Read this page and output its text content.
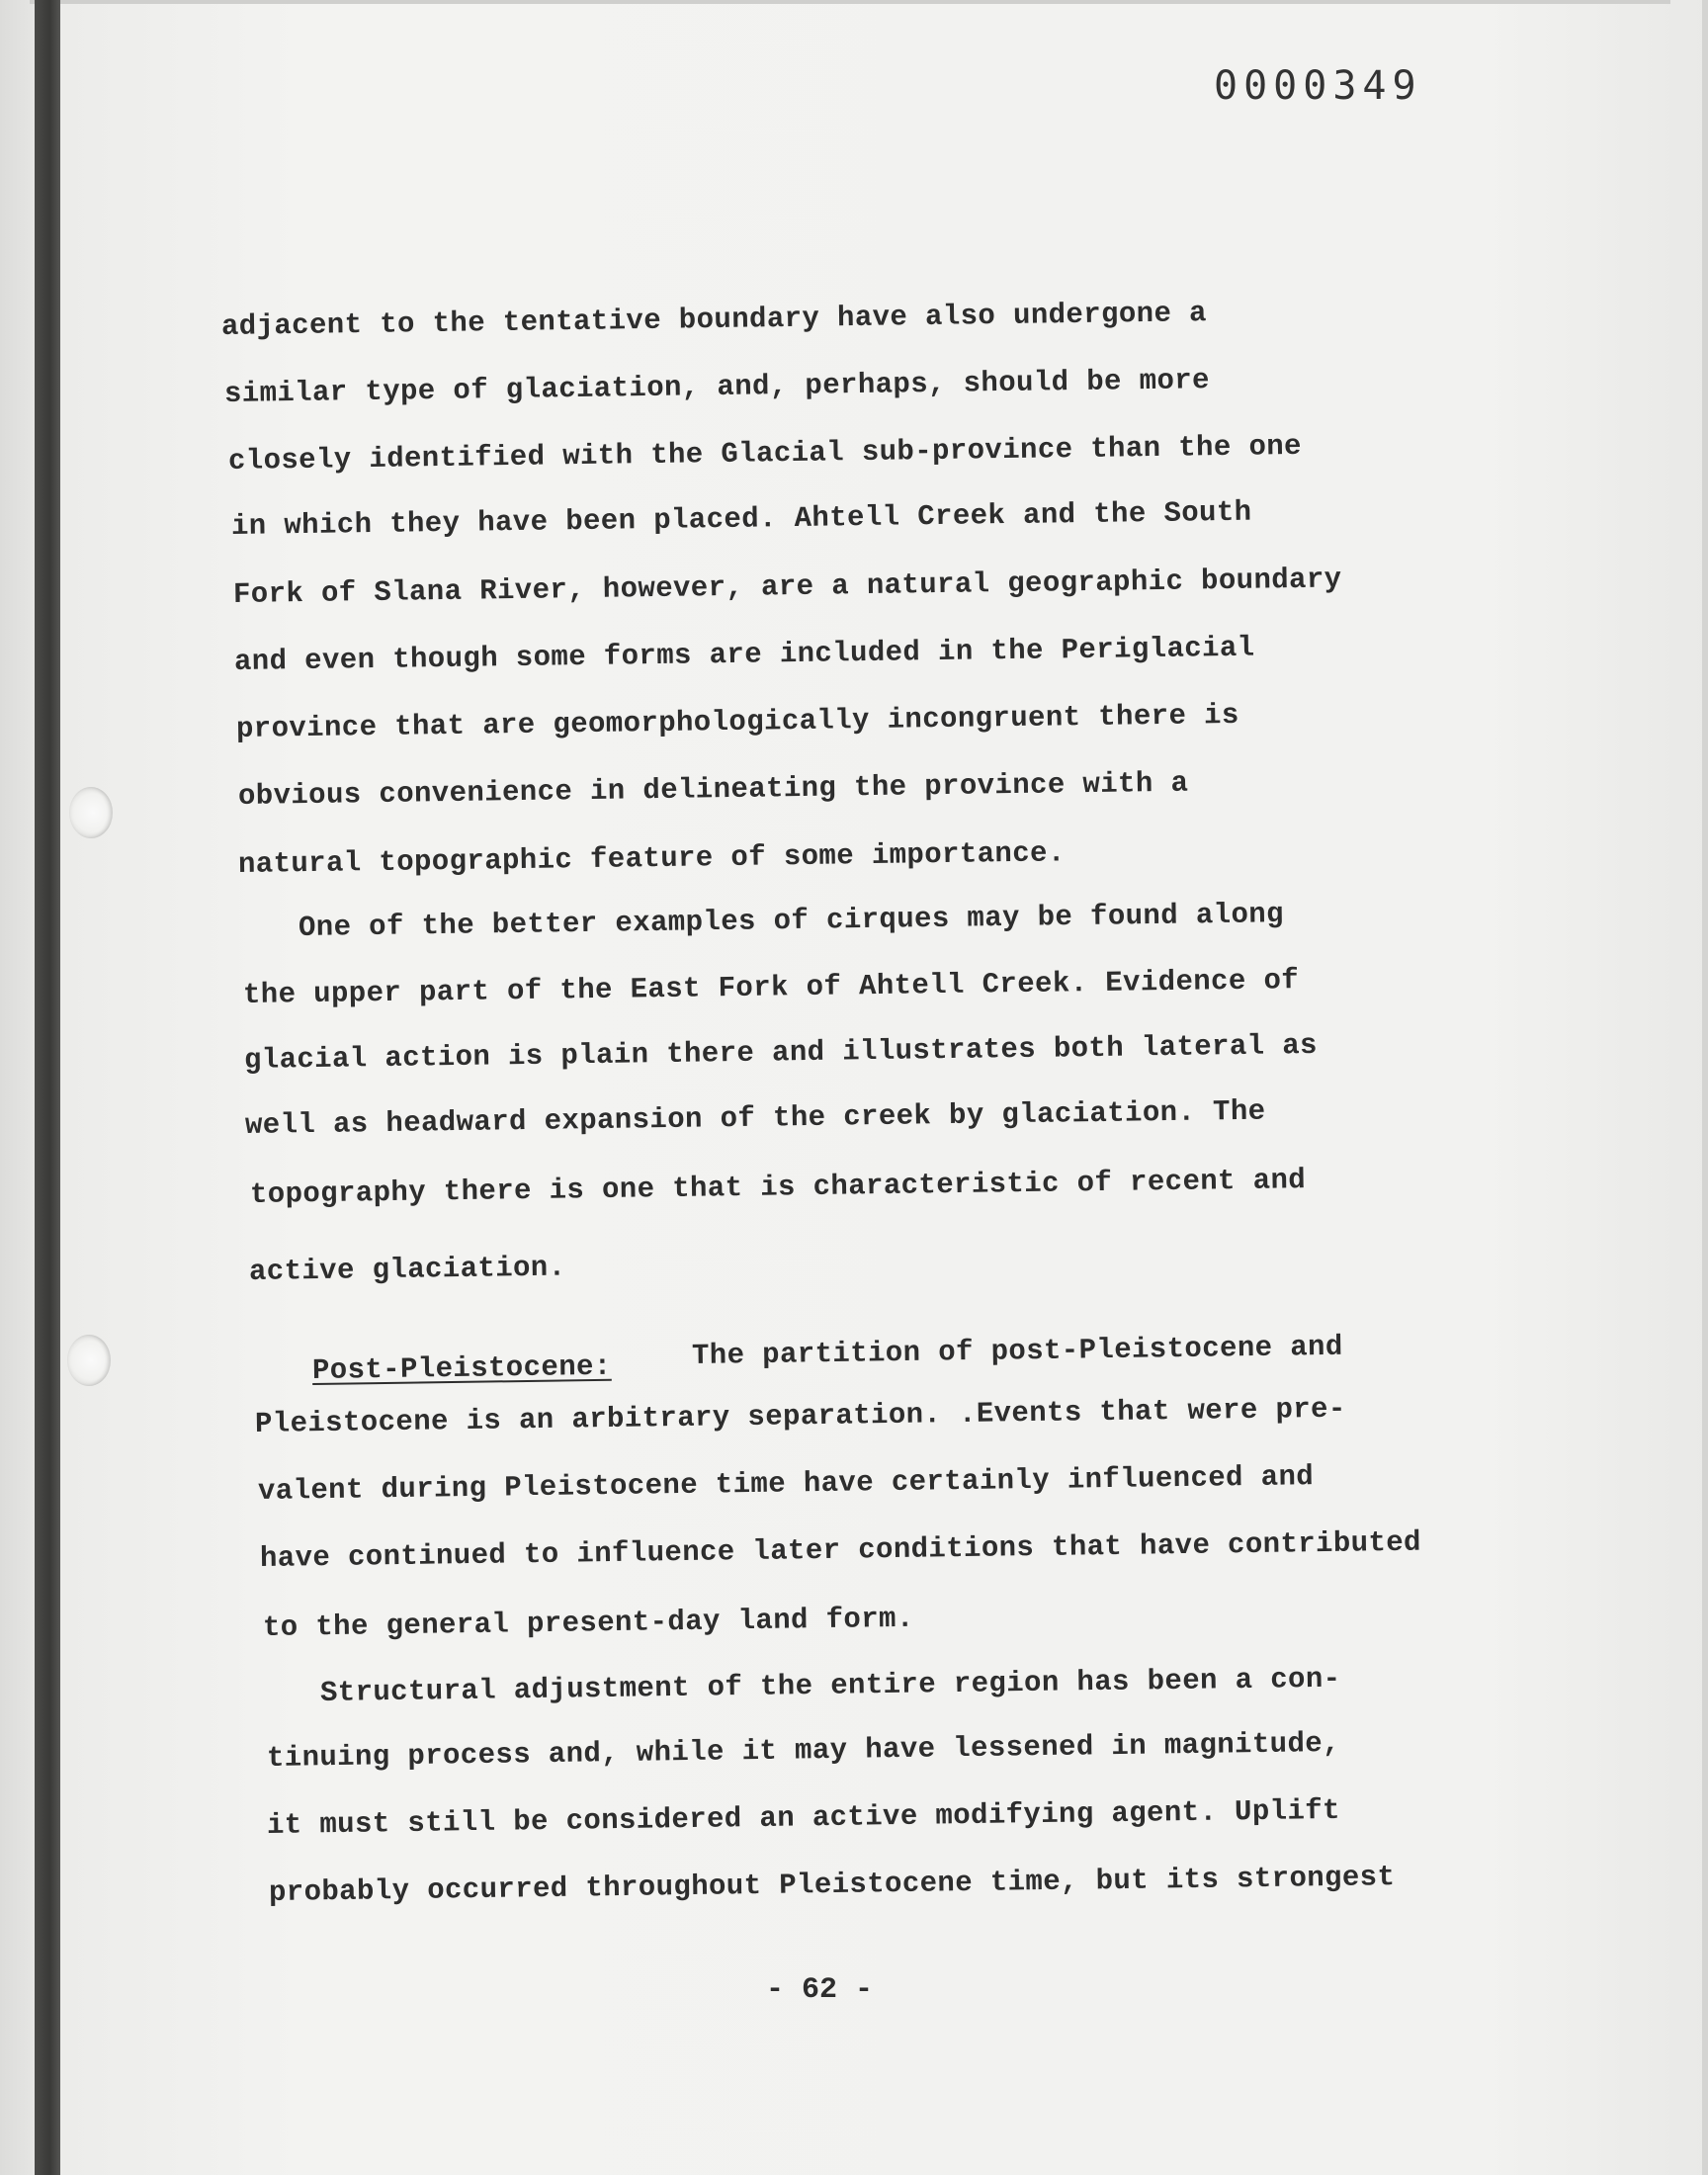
0000349
adjacent to the tentative boundary have also undergone a
similar type of glaciation, and, perhaps, should be more
closely identified with the Glacial sub-province than the one
in which they have been placed. Ahtell Creek and the South
Fork of Slana River, however, are a natural geographic boundary
and even though some forms are included in the Periglacial
province that are geomorphologically incongruent there is
obvious convenience in delineating the province with a
natural topographic feature of some importance.
One of the better examples of cirques may be found along
the upper part of the East Fork of Ahtell Creek. Evidence of
glacial action is plain there and illustrates both lateral as
well as headward expansion of the creek by glaciation. The
topography there is one that is characteristic of recent and
active glaciation.
Post-Pleistocene:	The partition of post-Pleistocene and
Pleistocene is an arbitrary separation. .Events that were pre-
valent during Pleistocene time have certainly influenced and
have continued to influence later conditions that have contributed
to the general present-day land form.
Structural adjustment of the entire region has been a con-
tinuing process and, while it may have lessened in magnitude,
it must still be considered an active modifying agent. Uplift
probably occurred throughout Pleistocene time, but its strongest
- 62 -
